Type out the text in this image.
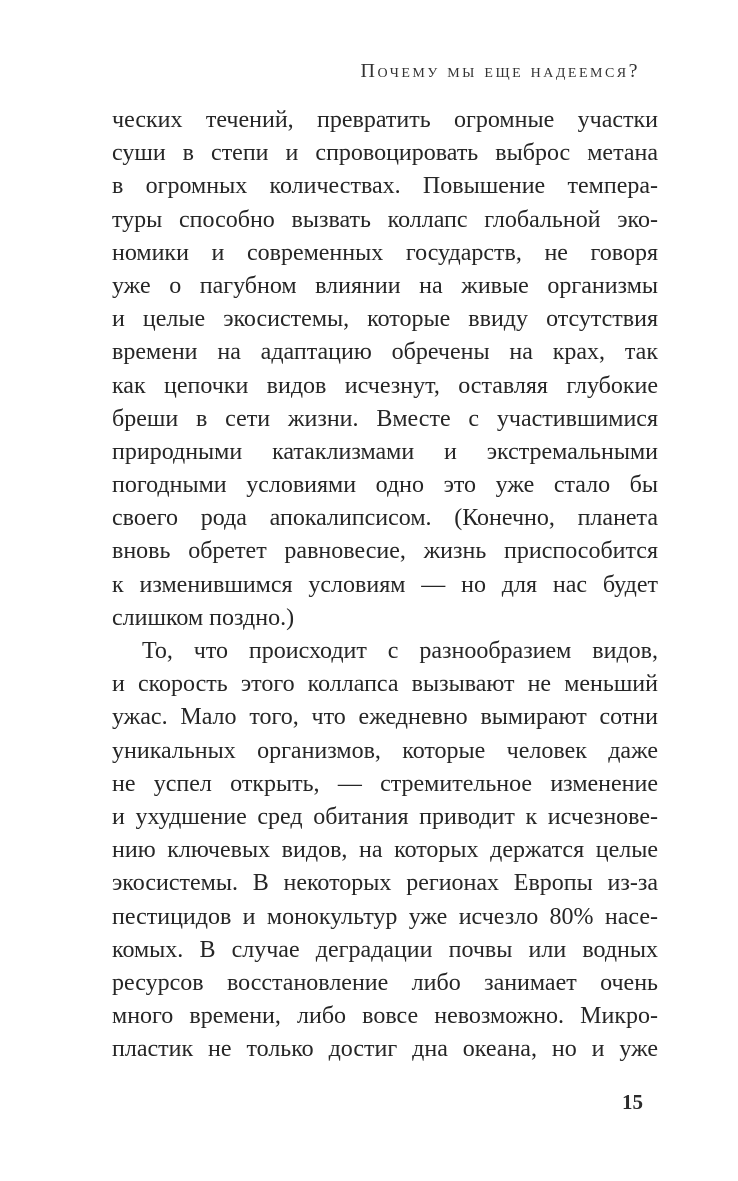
Почему мы еще надеемся?
ческих течений, превратить огромные участки
суши в степи и спровоцировать выброс метана
в огромных количествах. Повышение темпера-
туры способно вызвать коллапс глобальной эко-
номики и современных государств, не говоря
уже о пагубном влиянии на живые организмы
и целые экосистемы, которые ввиду отсутствия
времени на адаптацию обречены на крах, так
как цепочки видов исчезнут, оставляя глубокие
бреши в сети жизни. Вместе с участившимися
природными катаклизмами и экстремальными
погодными условиями одно это уже стало бы
своего рода апокалипсисом. (Конечно, планета
вновь обретет равновесие, жизнь приспособится
к изменившимся условиям — но для нас будет
слишком поздно.)
То, что происходит с разнообразием видов,
и скорость этого коллапса вызывают не меньший
ужас. Мало того, что ежедневно вымирают сотни
уникальных организмов, которые человек даже
не успел открыть, — стремительное изменение
и ухудшение сред обитания приводит к исчезнове-
нию ключевых видов, на которых держатся целые
экосистемы. В некоторых регионах Европы из-за
пестицидов и монокультур уже исчезло 80% насе-
комых. В случае деградации почвы или водных
ресурсов восстановление либо занимает очень
много времени, либо вовсе невозможно. Микро-
пластик не только достиг дна океана, но и уже
15
